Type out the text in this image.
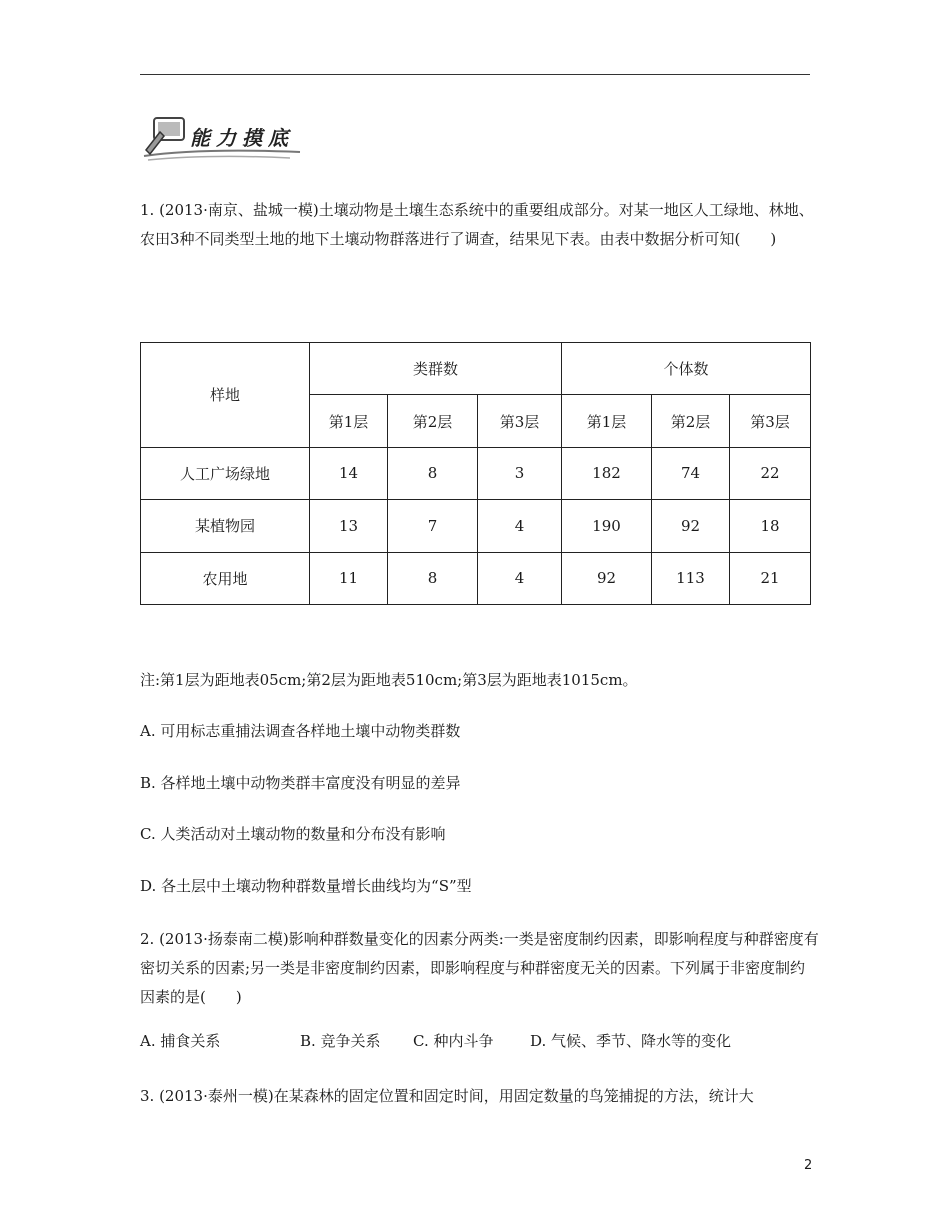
能力摸底
1. (2013·南京、盐城一模)土壤动物是土壤生态系统中的重要组成部分。对某一地区人工绿地、林地、农田3种不同类型土地的地下土壤动物群落进行了调查，结果见下表。由表中数据分析可知(　　)
样地	类群数			个体数		
	第1层	第2层	第3层	第1层	第2层	第3层
人工广场绿地	14	8	3	182	74	22
某植物园	13	7	4	190	92	18
农用地	11	8	4	92	113	21
注:第1层为距地表05cm;第2层为距地表510cm;第3层为距地表1015cm。
A. 可用标志重捕法调查各样地土壤中动物类群数
B. 各样地土壤中动物类群丰富度没有明显的差异
C. 人类活动对土壤动物的数量和分布没有影响
D. 各土层中土壤动物种群数量增长曲线均为“S”型
2. (2013·扬泰南二模)影响种群数量变化的因素分两类:一类是密度制约因素，即影响程度与种群密度有密切关系的因素;另一类是非密度制约因素，即影响程度与种群密度无关的因素。下列属于非密度制约因素的是(　　)
A. 捕食关系	B. 竞争关系 C. 种内斗争 D. 气候、季节、降水等的变化
3. (2013·泰州一模)在某森林的固定位置和固定时间，用固定数量的鸟笼捕捉的方法，统计大
2
